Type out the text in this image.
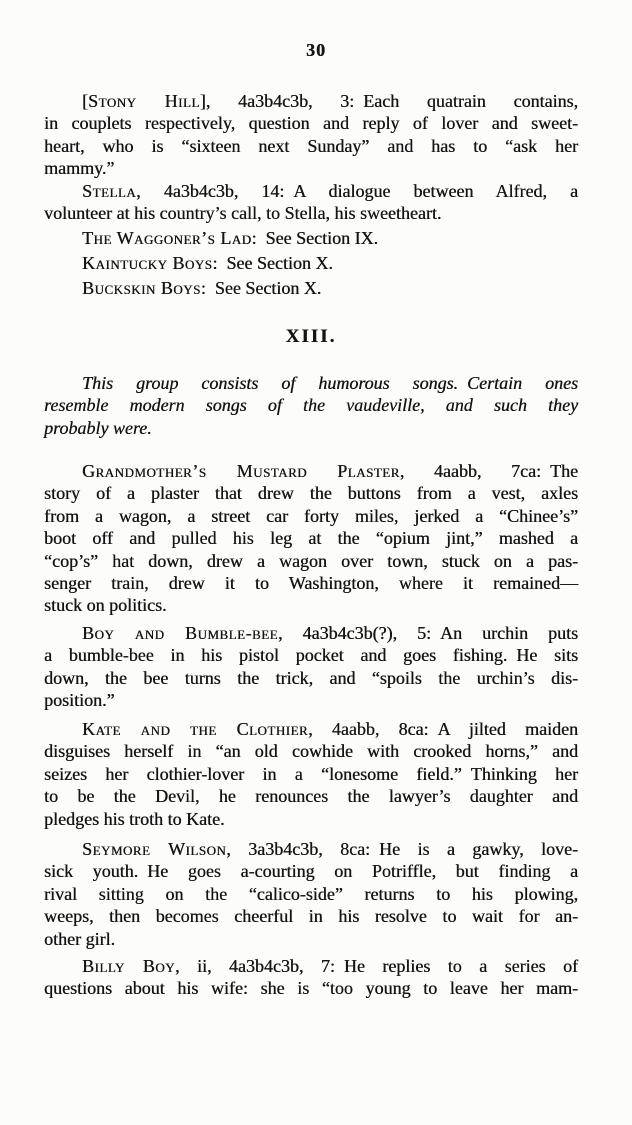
30
[Stony Hill], 4a3b4c3b, 3: Each quatrain contains,
in couplets respectively, question and reply of lover and sweet-
heart, who is “sixteen next Sunday” and has to “ask her
mammy.”
Stella, 4a3b4c3b, 14: A dialogue between Alfred, a
volunteer at his country’s call, to Stella, his sweetheart.
The Waggoner’s Lad: See Section IX.
Kaintucky Boys: See Section X.
Buckskin Boys: See Section X.
XIII.
This group consists of humorous songs. Certain ones
resemble modern songs of the vaudeville, and such they
probably were.
Grandmother’s Mustard Plaster, 4aabb, 7ca: The
story of a plaster that drew the buttons from a vest, axles
from a wagon, a street car forty miles, jerked a “Chinee’s”
boot off and pulled his leg at the “opium jint,” mashed a
“cop’s” hat down, drew a wagon over town, stuck on a pas-
senger train, drew it to Washington, where it remained—
stuck on politics.
Boy and Bumble-bee, 4a3b4c3b(?), 5: An urchin puts
a bumble-bee in his pistol pocket and goes fishing. He sits
down, the bee turns the trick, and “spoils the urchin’s dis-
position.”
Kate and the Clothier, 4aabb, 8ca: A jilted maiden
disguises herself in “an old cowhide with crooked horns,” and
seizes her clothier-lover in a “lonesome field.” Thinking her
to be the Devil, he renounces the lawyer’s daughter and
pledges his troth to Kate.
Seymore Wilson, 3a3b4c3b, 8ca: He is a gawky, love-
sick youth. He goes a-courting on Potriffle, but finding a
rival sitting on the “calico-side” returns to his plowing,
weeps, then becomes cheerful in his resolve to wait for an-
other girl.
Billy Boy, ii, 4a3b4c3b, 7: He replies to a series of
questions about his wife: she is “too young to leave her mam-
